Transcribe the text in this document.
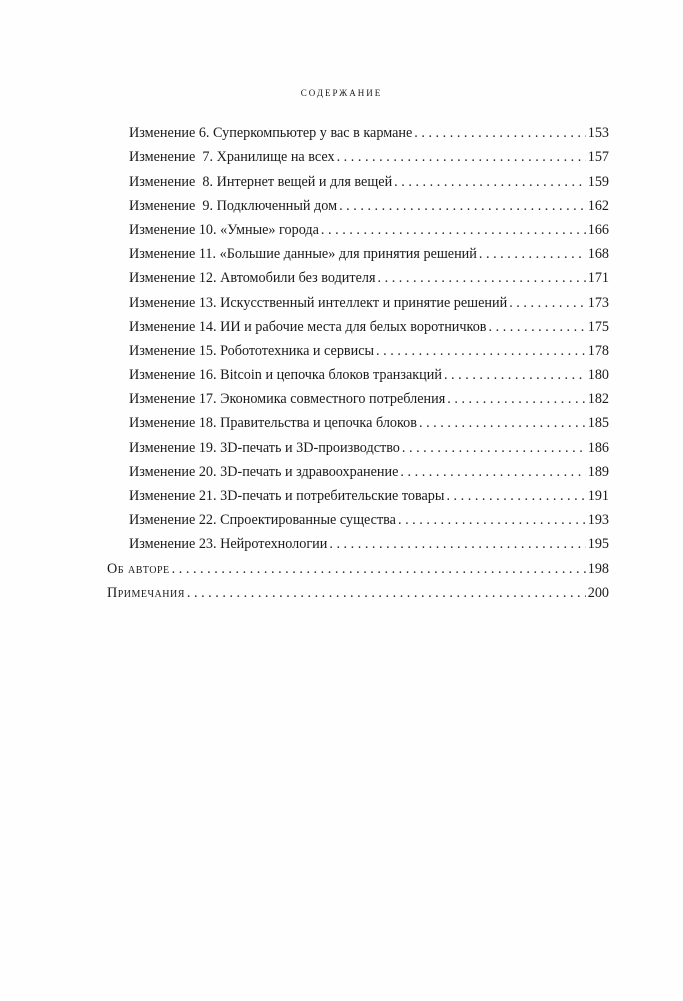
содержание
Изменение 6. Суперкомпьютер у вас в кармане . . .	153
Изменение  7. Хранилище на всех . . .	157
Изменение  8. Интернет вещей и для вещей . . .	159
Изменение  9. Подключенный дом . . .	162
Изменение 10. «Умные» города . . .	166
Изменение 11. «Большие данные» для принятия решений . . .	168
Изменение 12. Автомобили без водителя . . .	171
Изменение 13. Искусственный интеллект и принятие решений . . .	173
Изменение 14. ИИ и рабочие места для белых воротничков . . .	175
Изменение 15. Робототехника и сервисы . . .	178
Изменение 16. Bitcoin и цепочка блоков транзакций . . .	180
Изменение 17. Экономика совместного потребления . . .	182
Изменение 18. Правительства и цепочка блоков . . .	185
Изменение 19. 3D-печать и 3D-производство . . .	186
Изменение 20. 3D-печать и здравоохранение . . .	189
Изменение 21. 3D-печать и потребительские товары . . .	191
Изменение 22. Спроектированные существа . . .	193
Изменение 23. Нейротехнологии . . .	195
Об авторе . . .	198
Примечания . . .	200
